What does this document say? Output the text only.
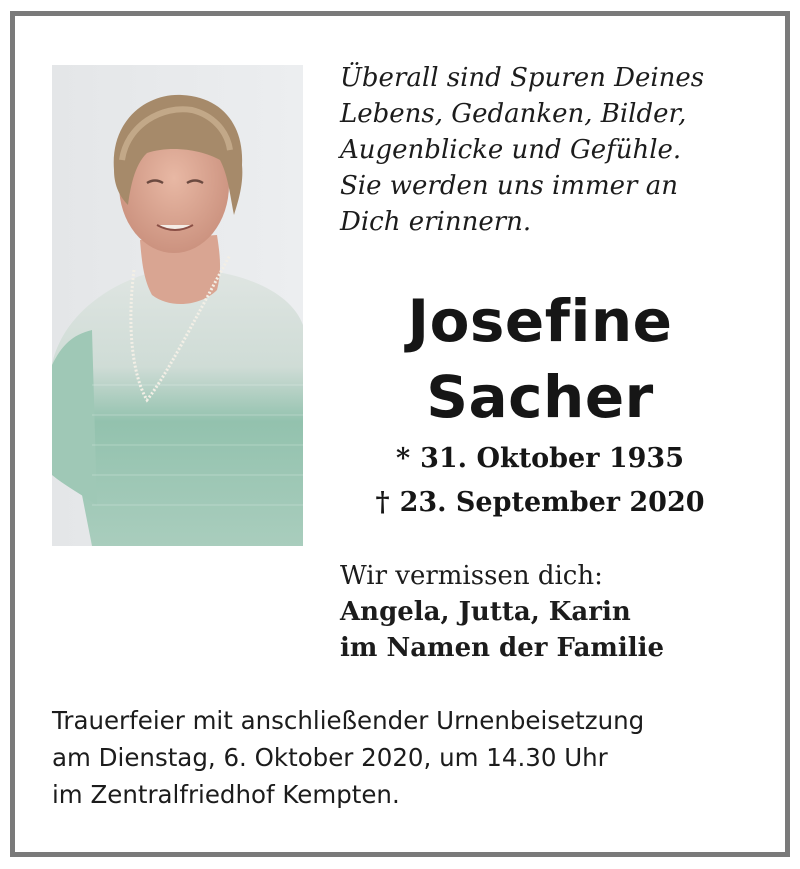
Überall sind Spuren Deines
Lebens, Gedanken, Bilder,
Augenblicke und Gefühle.
Sie werden uns immer an
Dich erinnern.
Josefine
Sacher
* 31. Oktober 1935
† 23. September 2020
Wir vermissen dich:
Angela, Jutta, Karin
im Namen der Familie
Trauerfeier mit anschließender Urnenbeisetzung
am Dienstag, 6. Oktober 2020, um 14.30 Uhr
im Zentralfriedhof Kempten.
